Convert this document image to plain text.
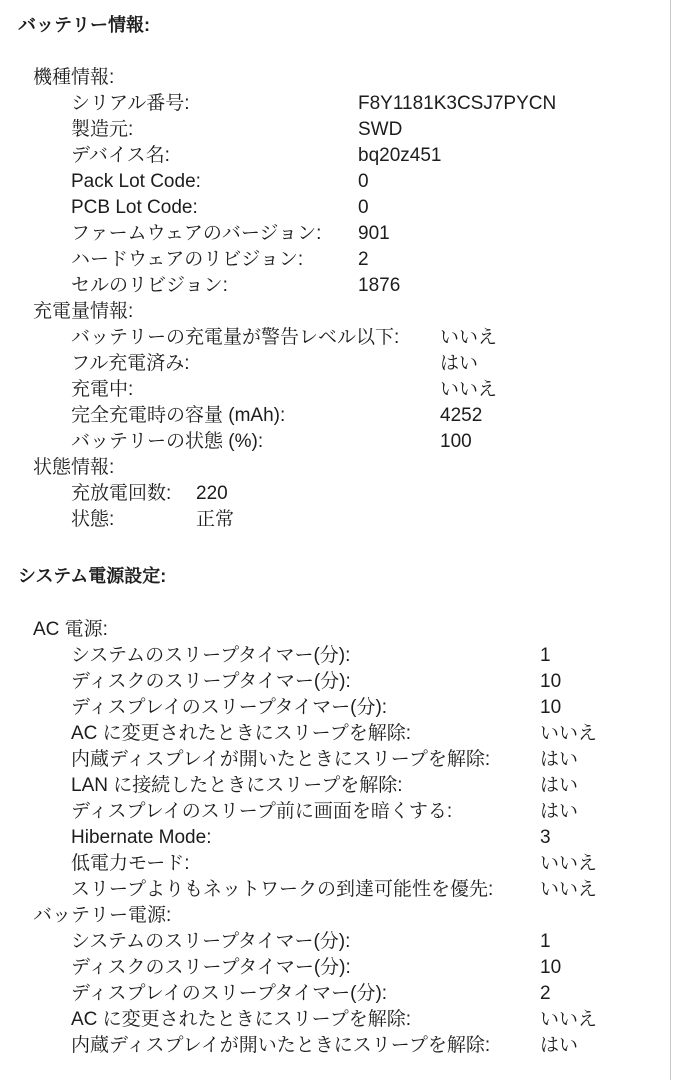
バッテリー情報:
機種情報:
シリアル番号:	F8Y1181K3CSJ7PYCN
製造元:	SWD
デバイス名:	bq20z451
Pack Lot Code:	0
PCB Lot Code:	0
ファームウェアのバージョン: 901
ハードウェアのリビジョン:	2
セルのリビジョン:	1876
充電量情報:
バッテリーの充電量が警告レベル以下: いいえ
フル充電済み:	はい
充電中:	いいえ
完全充電時の容量 (mAh):	4252
バッテリーの状態 (%):	100
状態情報:
充放電回数: 220
状態:	正常
システム電源設定:
AC 電源:
システムのスリープタイマー(分):	1
ディスクのスリープタイマー(分):	10
ディスプレイのスリープタイマー(分):	10
AC に変更されたときにスリープを解除:	いいえ
内蔵ディスプレイが開いたときにスリープを解除:	はい
LAN に接続したときにスリープを解除:	はい
ディスプレイのスリープ前に画面を暗くする:	はい
Hibernate Mode:	3
低電力モード:	いいえ
スリープよりもネットワークの到達可能性を優先: いいえ
バッテリー電源:
システムのスリープタイマー(分):	1
ディスクのスリープタイマー(分):	10
ディスプレイのスリープタイマー(分):	2
AC に変更されたときにスリープを解除:	いいえ
内蔵ディスプレイが開いたときにスリープを解除:	はい
